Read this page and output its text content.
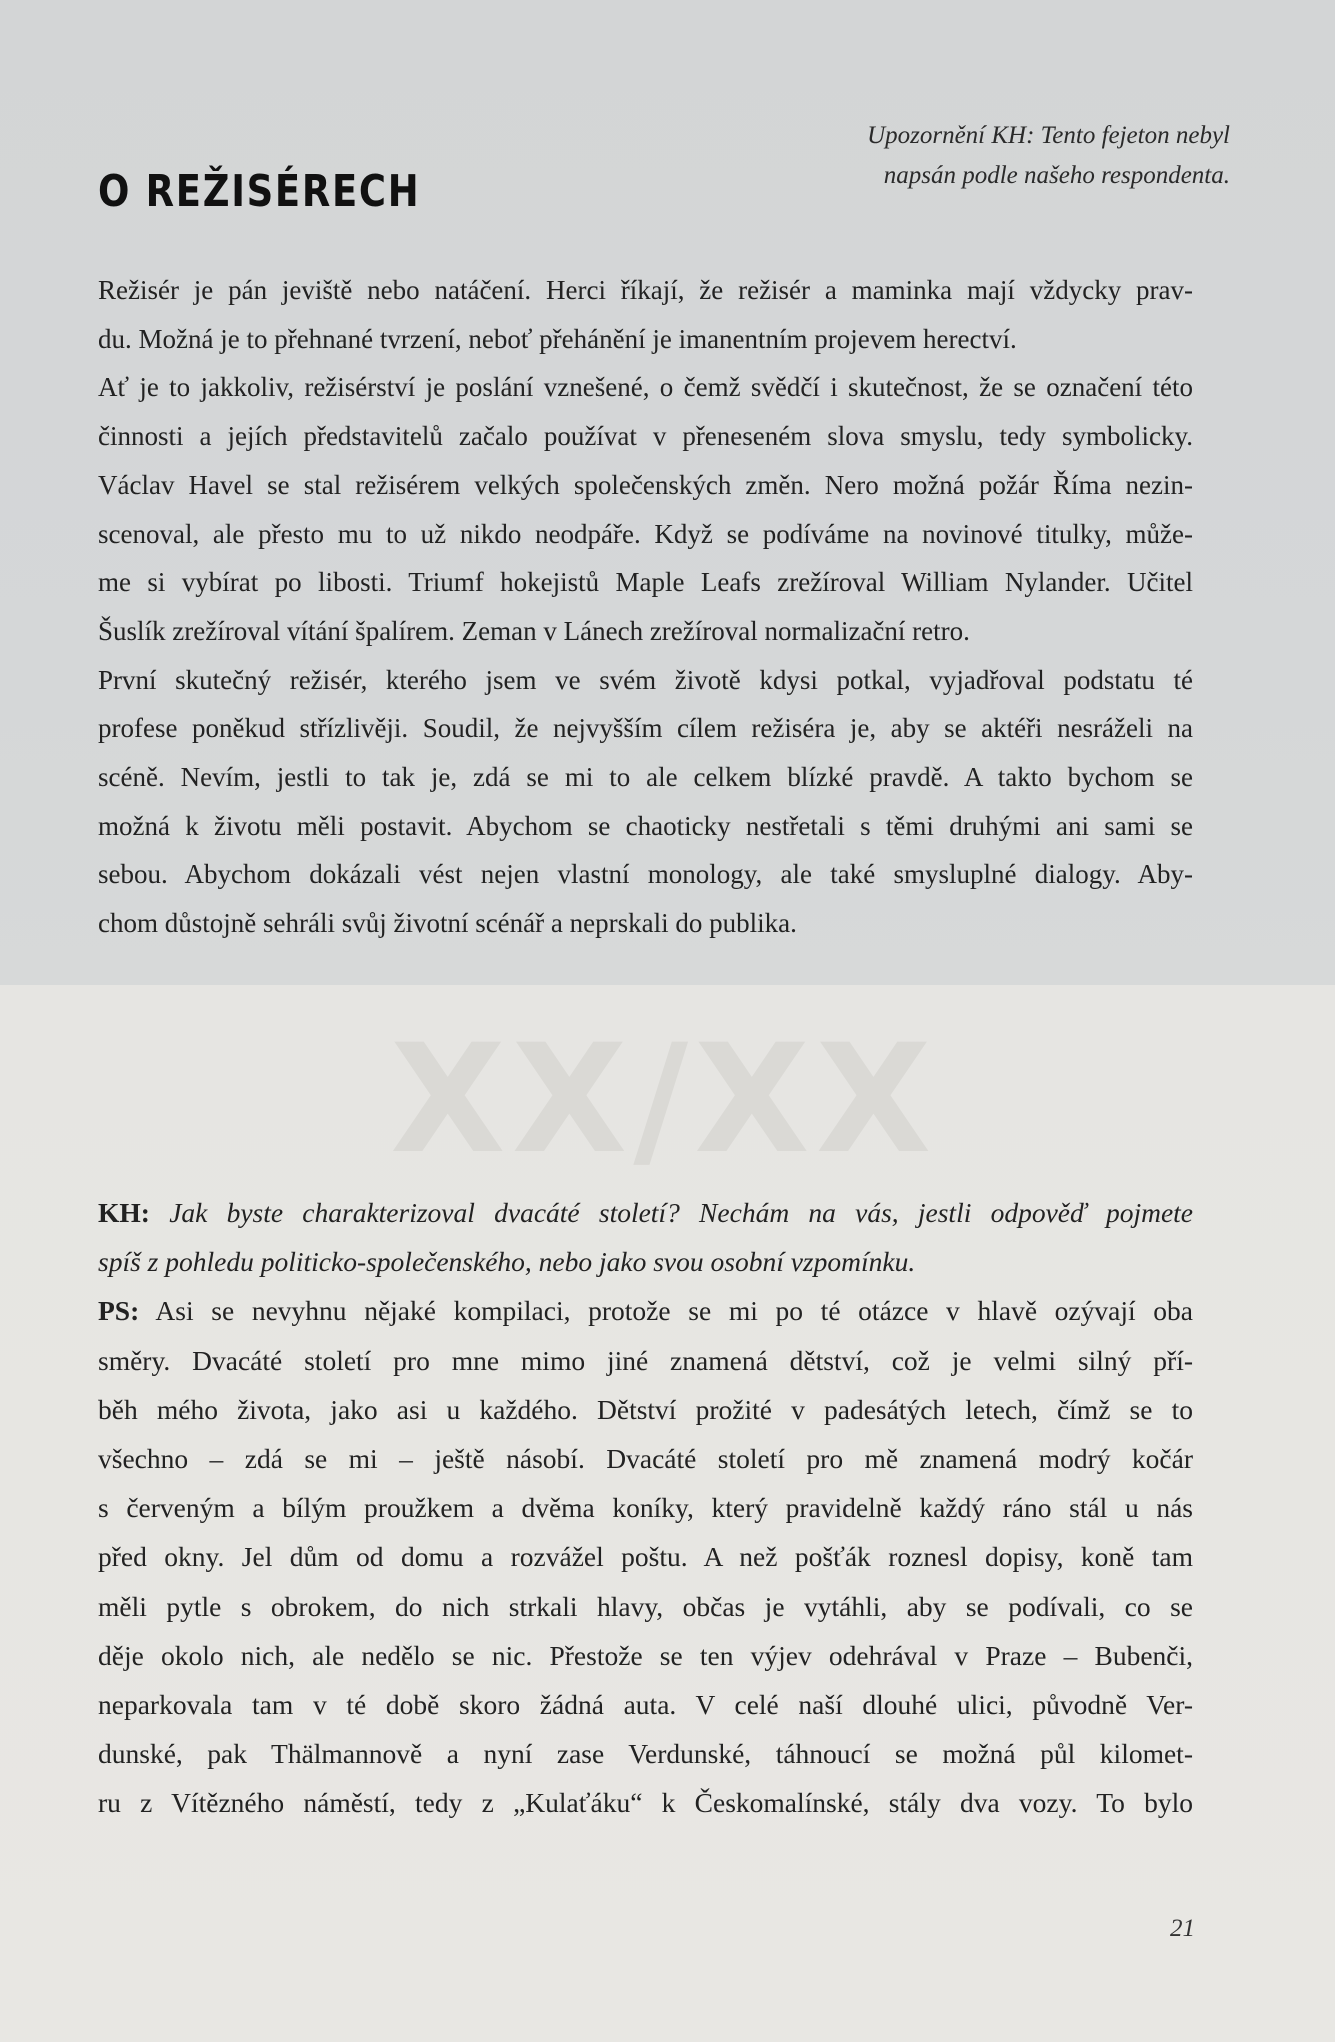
XX/XX
Upozornění KH: Tento fejeton nebyl
napsán podle našeho respondenta.
O REŽISÉRECH
Režisér je pán jeviště nebo natáčení. Herci říkají, že režisér a maminka mají vždycky prav-
du. Možná je to přehnané tvrzení, neboť přehánění je imanentním projevem herectví.
Ať je to jakkoliv, režisérství je poslání vznešené, o čemž svědčí i skutečnost, že se označení této
činnosti a jejích představitelů začalo používat v přeneseném slova smyslu, tedy symbolicky.
Václav Havel se stal režisérem velkých společenských změn. Nero možná požár Říma nezin-
scenoval, ale přesto mu to už nikdo neodpáře. Když se podíváme na novinové titulky, může-
me si vybírat po libosti. Triumf hokejistů Maple Leafs zrežíroval William Nylander. Učitel
Šuslík zrežíroval vítání špalírem. Zeman v Lánech zrežíroval normalizační retro.
První skutečný režisér, kterého jsem ve svém životě kdysi potkal, vyjadřoval podstatu té
profese poněkud střízlivěji. Soudil, že nejvyšším cílem režiséra je, aby se aktéři nesráželi na
scéně. Nevím, jestli to tak je, zdá se mi to ale celkem blízké pravdě. A takto bychom se
možná k životu měli postavit. Abychom se chaoticky nestřetali s těmi druhými ani sami se
sebou. Abychom dokázali vést nejen vlastní monology, ale také smysluplné dialogy. Aby-
chom důstojně sehráli svůj životní scénář a neprskali do publika.
KH: Jak byste charakterizoval dvacáté století? Nechám na vás, jestli odpověď pojmete
spíš z pohledu politicko-společenského, nebo jako svou osobní vzpomínku.
PS: Asi se nevyhnu nějaké kompilaci, protože se mi po té otázce v hlavě ozývají oba
směry. Dvacáté století pro mne mimo jiné znamená dětství, což je velmi silný pří-
běh mého života, jako asi u každého. Dětství prožité v padesátých letech, čímž se to
všechno – zdá se mi – ještě násobí. Dvacáté století pro mě znamená modrý kočár
s červeným a bílým proužkem a dvěma koníky, který pravidelně každý ráno stál u nás
před okny. Jel dům od domu a rozvážel poštu. A než pošťák roznesl dopisy, koně tam
měli pytle s obrokem, do nich strkali hlavy, občas je vytáhli, aby se podívali, co se
děje okolo nich, ale nedělo se nic. Přestože se ten výjev odehrával v Praze – Bubenči,
neparkovala tam v té době skoro žádná auta. V celé naší dlouhé ulici, původně Ver-
dunské, pak Thälmannově a nyní zase Verdunské, táhnoucí se možná půl kilomet-
ru z Vítězného náměstí, tedy z „Kulaťáku“ k Českomalínské, stály dva vozy. To bylo
21
